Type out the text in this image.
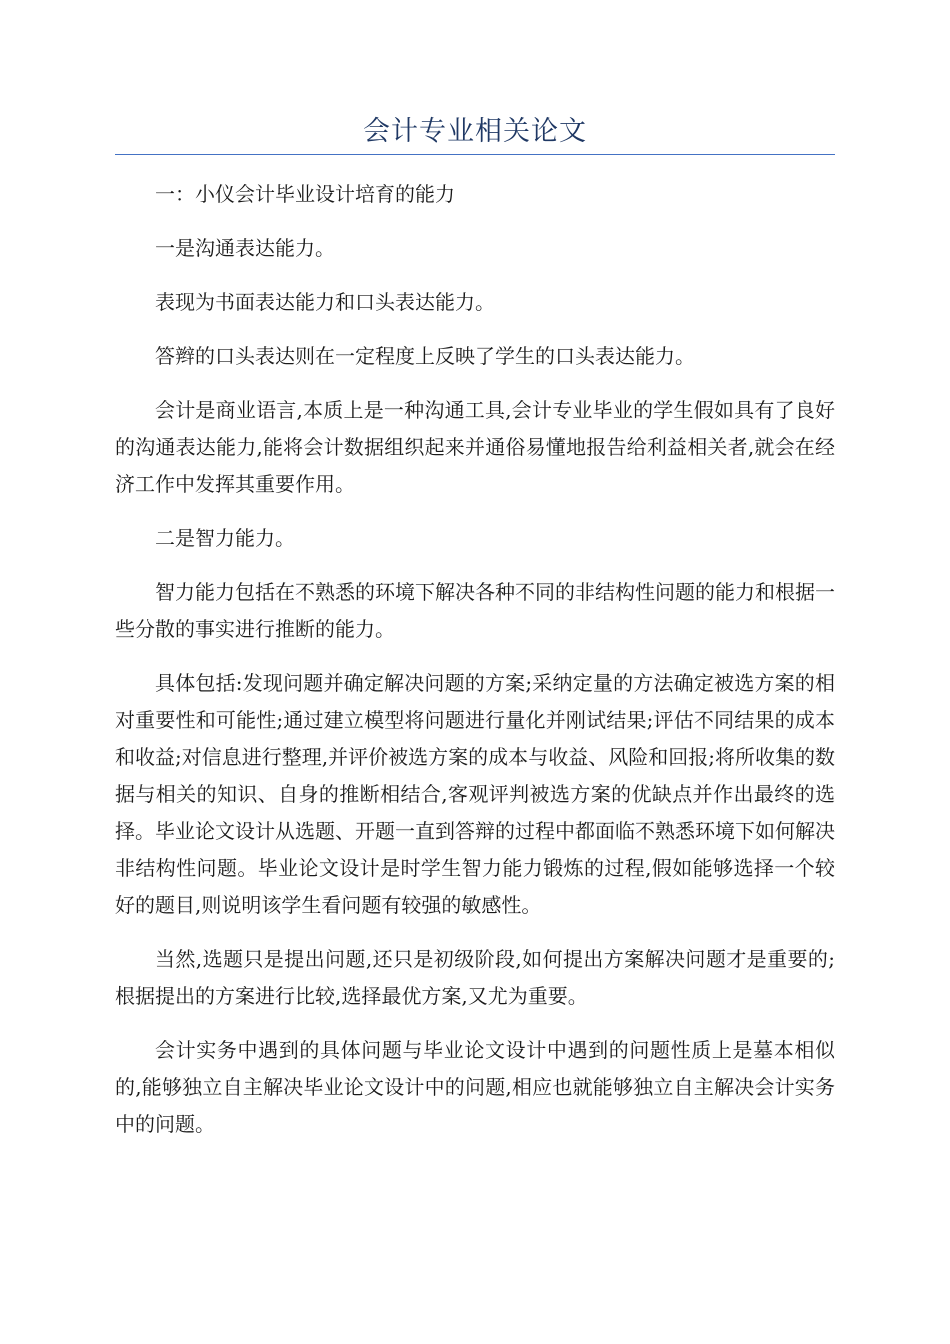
会计专业相关论文

一：小仪会计毕业设计培育的能力

一是沟通表达能力。

表现为书面表达能力和口头表达能力。

答辫的口头表达则在一定程度上反映了学生的口头表达能力。

会计是商业语言,本质上是一种沟通工具,会计专业毕业的学生假如具有了良好的沟通表达能力,能将会计数据组织起来并通俗易懂地报告给利益相关者,就会在经济工作中发挥其重要作用。

二是智力能力。

智力能力包括在不熟悉的环境下解决各种不同的非结构性问题的能力和根据一些分散的事实进行推断的能力。

具体包括:发现问题并确定解决问题的方案;采纳定量的方法确定被选方案的相对重要性和可能性;通过建立模型将问题进行量化并刚试结果;评估不同结果的成本和收益;对信息进行整理,并评价被选方案的成本与收益、风险和回报;将所收集的数据与相关的知识、自身的推断相结合,客观评判被选方案的优缺点并作出最终的选择。毕业论文设计从选题、开题一直到答辩的过程中都面临不熟悉环境下如何解决非结构性问题。毕业论文设计是时学生智力能力锻炼的过程,假如能够选择一个较好的题目,则说明该学生看问题有较强的敏感性。

当然,选题只是提出问题,还只是初级阶段,如何提出方案解决问题才是重要的;根据提出的方案进行比较,选择最优方案,又尤为重要。

会计实务中遇到的具体问题与毕业论文设计中遇到的问题性质上是墓本相似的,能够独立自主解决毕业论文设计中的问题,相应也就能够独立自主解决会计实务中的问题。
